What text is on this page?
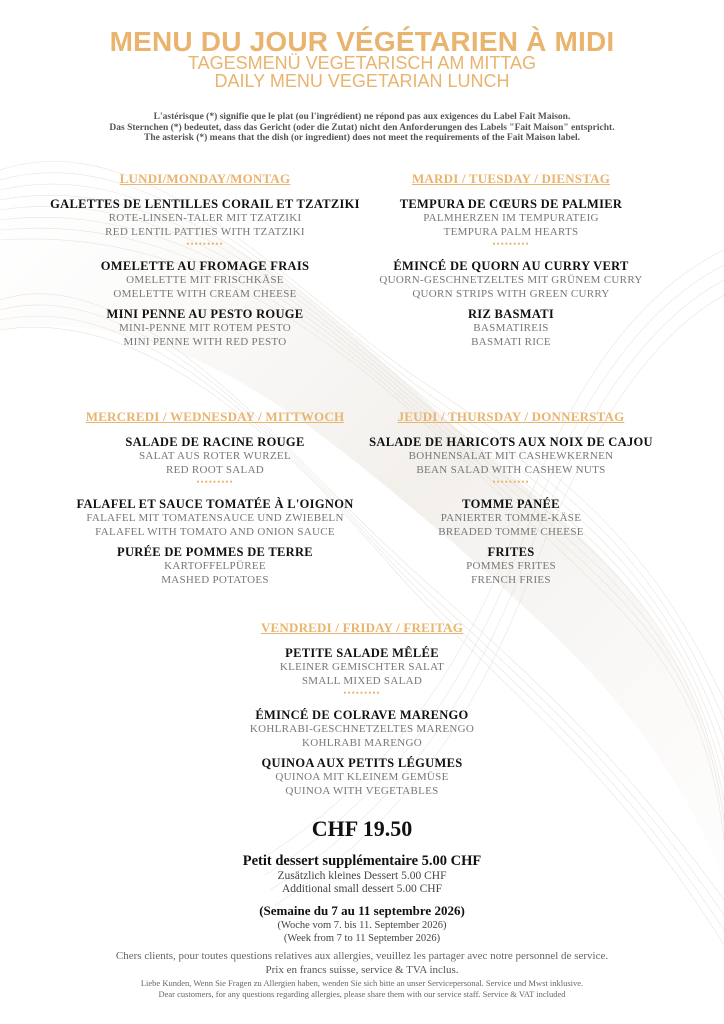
MENU DU JOUR VÉGÉTARIEN À MIDI
TAGESMENÜ VEGETARISCH AM MITTAG
DAILY MENU VEGETARIAN LUNCH
L'astérisque (*) signifie que le plat (ou l'ingrédient) ne répond pas aux exigences du Label Fait Maison.
Das Sternchen (*) bedeutet, dass das Gericht (oder die Zutat) nicht den Anforderungen des Labels "Fait Maison" entspricht.
The asterisk (*) means that the dish (or ingredient) does not meet the requirements of the Fait Maison label.
LUNDI/MONDAY/MONTAG
GALETTES DE LENTILLES CORAIL ET TZATZIKI
ROTE-LINSEN-TALER MIT TZATZIKI
RED LENTIL PATTIES WITH TZATZIKI
•••••••••
OMELETTE AU FROMAGE FRAIS
OMELETTE MIT FRISCHKÄSE
OMELETTE WITH CREAM CHEESE
MINI PENNE AU PESTO ROUGE
MINI-PENNE MIT ROTEM PESTO
MINI PENNE WITH RED PESTO
MARDI / TUESDAY / DIENSTAG
TEMPURA DE CŒURS DE PALMIER
PALMHERZEN IM TEMPURATEIG
TEMPURA PALM HEARTS
•••••••••
ÉMINCÉ DE QUORN AU CURRY VERT
QUORN-GESCHNETZELTES MIT GRÜNEM CURRY
QUORN STRIPS WITH GREEN CURRY
RIZ BASMATI
BASMATIREIS
BASMATI RICE
MERCREDI / WEDNESDAY / MITTWOCH
SALADE DE RACINE ROUGE
SALAT AUS ROTER WURZEL
RED ROOT SALAD
•••••••••
FALAFEL ET SAUCE TOMATÉE À L'OIGNON
FALAFEL MIT TOMATENSAUCE UND ZWIEBELN
FALAFEL WITH TOMATO AND ONION SAUCE
PURÉE DE POMMES DE TERRE
KARTOFFELPÜREE
MASHED POTATOES
JEUDI / THURSDAY / DONNERSTAG
SALADE DE HARICOTS AUX NOIX DE CAJOU
BOHNENSALAT MIT CASHEWKERNEN
BEAN SALAD WITH CASHEW NUTS
•••••••••
TOMME PANÉE
PANIERTER TOMME-KÄSE
BREADED TOMME CHEESE
FRITES
POMMES FRITES
FRENCH FRIES
VENDREDI / FRIDAY / FREITAG
PETITE SALADE MÊLÉE
KLEINER GEMISCHTER SALAT
SMALL MIXED SALAD
•••••••••
ÉMINCÉ DE COLRAVE MARENGO
KOHLRABI-GESCHNETZELTES MARENGO
KOHLRABI MARENGO
QUINOA AUX PETITS LÉGUMES
QUINOA MIT KLEINEM GEMÜSE
QUINOA WITH VEGETABLES
CHF 19.50
Petit dessert supplémentaire 5.00 CHF
Zusätzlich kleines Dessert 5.00 CHF
Additional small dessert 5.00 CHF
(Semaine du 7 au 11 septembre 2026)
(Woche vom 7. bis 11. September 2026)
(Week from 7 to 11 September 2026)
Chers clients, pour toutes questions relatives aux allergies, veuillez les partager avec notre personnel de service.
Prix en francs suisse, service & TVA inclus.
Liebe Kunden, Wenn Sie Fragen zu Allergien haben, wenden Sie sich bitte an unser Servicepersonal. Service und Mwst inklusive.
Dear customers, for any questions regarding allergies, please share them with our service staff. Service & VAT included
